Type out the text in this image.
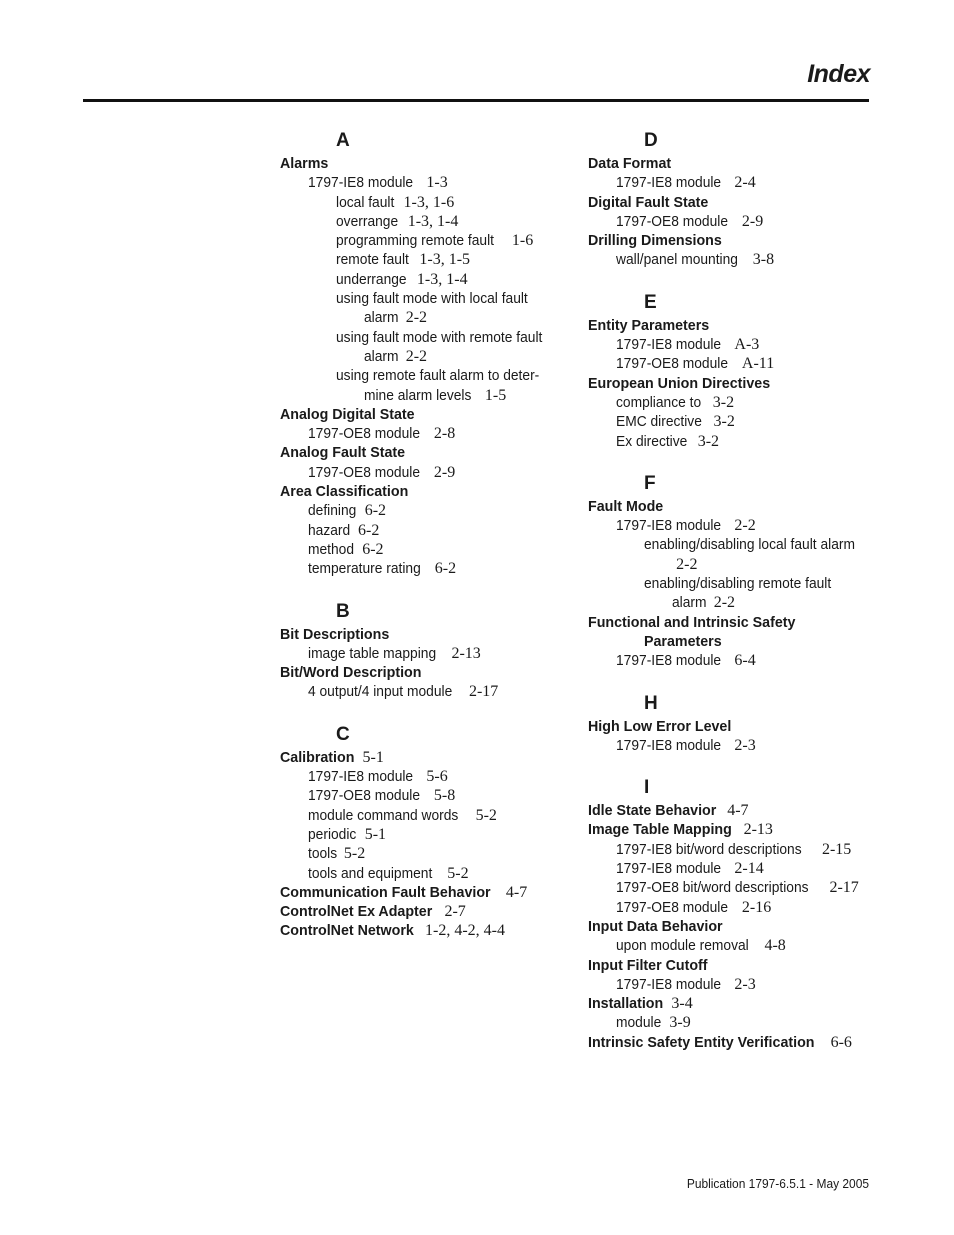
Index
A
Alarms
1797-IE8 module 1-3
local fault 1-3, 1-6
overrange 1-3, 1-4
programming remote fault 1-6
remote fault 1-3, 1-5
underrange 1-3, 1-4
using fault mode with local fault
alarm 2-2
using fault mode with remote fault
alarm 2-2
using remote fault alarm to deter-
mine alarm levels 1-5
Analog Digital State
1797-OE8 module 2-8
Analog Fault State
1797-OE8 module 2-9
Area Classification
defining 6-2
hazard 6-2
method 6-2
temperature rating 6-2
B
Bit Descriptions
image table mapping 2-13
Bit/Word Description
4 output/4 input module 2-17
C
Calibration 5-1
1797-IE8 module 5-6
1797-OE8 module 5-8
module command words 5-2
periodic 5-1
tools 5-2
tools and equipment 5-2
Communication Fault Behavior 4-7
ControlNet Ex Adapter 2-7
ControlNet Network 1-2, 4-2, 4-4
D
Data Format
1797-IE8 module 2-4
Digital Fault State
1797-OE8 module 2-9
Drilling Dimensions
wall/panel mounting 3-8
E
Entity Parameters
1797-IE8 module A-3
1797-OE8 module A-11
European Union Directives
compliance to 3-2
EMC directive 3-2
Ex directive 3-2
F
Fault Mode
1797-IE8 module 2-2
enabling/disabling local fault alarm
2-2
enabling/disabling remote fault
alarm 2-2
Functional and Intrinsic Safety
Parameters
1797-IE8 module 6-4
H
High Low Error Level
1797-IE8 module 2-3
I
Idle State Behavior 4-7
Image Table Mapping 2-13
1797-IE8 bit/word descriptions 2-15
1797-IE8 module 2-14
1797-OE8 bit/word descriptions 2-17
1797-OE8 module 2-16
Input Data Behavior
upon module removal 4-8
Input Filter Cutoff
1797-IE8 module 2-3
Installation 3-4
module 3-9
Intrinsic Safety Entity Verification 6-6
Publication 1797-6.5.1 - May 2005
